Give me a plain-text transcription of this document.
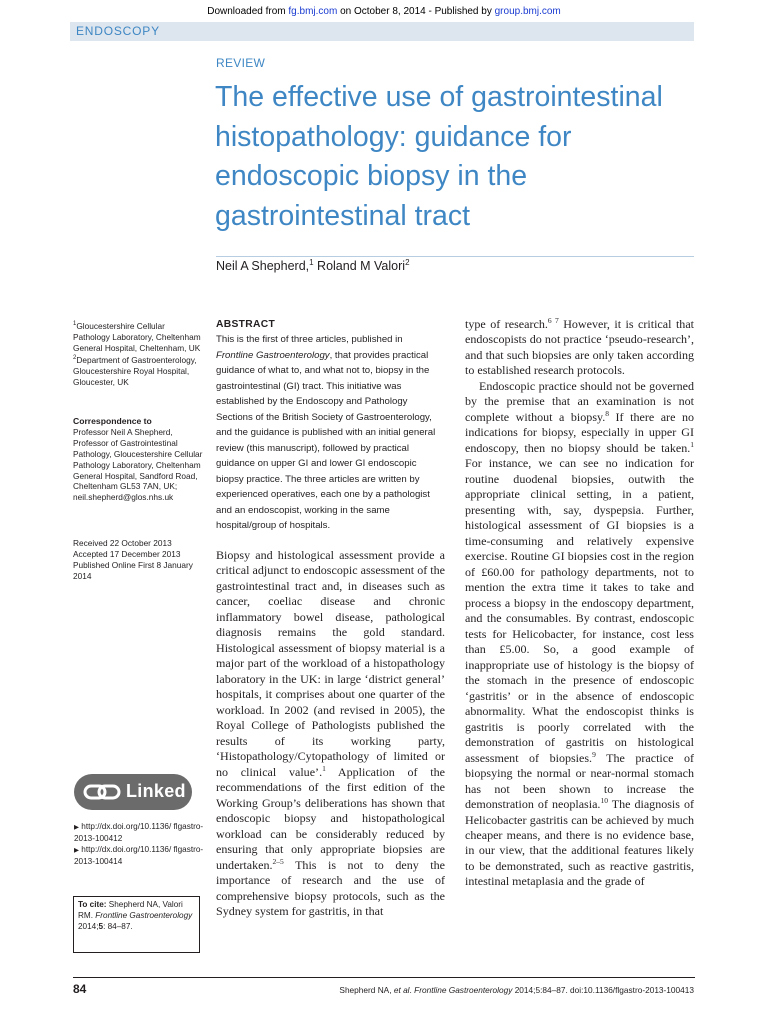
Downloaded from fg.bmj.com on October 8, 2014 - Published by group.bmj.com
ENDOSCOPY
REVIEW
The effective use of gastrointestinal histopathology: guidance for endoscopic biopsy in the gastrointestinal tract
Neil A Shepherd,$^1$ Roland M Valori$^2$
$^1$Gloucestershire Cellular Pathology Laboratory, Cheltenham General Hospital, Cheltenham, UK
$^2$Department of Gastroenterology, Gloucestershire Royal Hospital, Gloucester, UK
Correspondence to
Professor Neil A Shepherd, Professor of Gastrointestinal Pathology, Gloucestershire Cellular Pathology Laboratory, Cheltenham General Hospital, Sandford Road, Cheltenham GL53 7AN, UK; neil.shepherd@glos.nhs.uk
Received 22 October 2013
Accepted 17 December 2013
Published Online First 8 January 2014
Linked
▶ http://dx.doi.org/10.1136/ flgastro-2013-100412
▶ http://dx.doi.org/10.1136/ flgastro-2013-100414
To cite: Shepherd NA, Valori RM. Frontline Gastroenterology 2014;5: 84–87.
ABSTRACT
This is the first of three articles, published in Frontline Gastroenterology, that provides practical guidance of what to, and what not to, biopsy in the gastrointestinal (GI) tract. This initiative was established by the Endoscopy and Pathology Sections of the British Society of Gastroenterology, and the guidance is published with an initial general review (this manuscript), followed by practical guidance on upper GI and lower GI endoscopic biopsy practice. The three articles are written by experienced operatives, each one by a pathologist and an endoscopist, working in the same hospital/group of hospitals.

Biopsy and histological assessment provide a critical adjunct to endoscopic assessment of the gastrointestinal tract and, in diseases such as cancer, coeliac disease and chronic inflammatory bowel disease, pathological diagnosis remains the gold standard. Histological assessment of biopsy material is a major part of the workload of a histopathology laboratory in the UK: in large ‘district general’ hospitals, it comprises about one quarter of the workload. In 2002 (and revised in 2005), the Royal College of Pathologists published the results of its working party, ‘Histopathology/Cytopathology of limited or no clinical value’.$^1$ Application of the recommendations of the first edition of the Working Group’s deliberations has shown that endoscopic biopsy and histopathological workload can be considerably reduced by ensuring that only appropriate biopsies are undertaken.$^{2-5}$ This is not to deny the importance of research and the use of comprehensive biopsy protocols, such as the Sydney system for gastritis, in that

type of research.$^{6 7}$ However, it is critical that endoscopists do not practice ‘pseudo-research’, and that such biopsies are only taken according to established research protocols.

Endoscopic practice should not be governed by the premise that an examination is not complete without a biopsy.$^8$ If there are no indications for biopsy, especially in upper GI endoscopy, then no biopsy should be taken.$^1$ For instance, we can see no indication for routine duodenal biopsies, outwith the appropriate clinical setting, in a patient, presenting with, say, dyspepsia. Further, histological assessment of GI biopsies is a time-consuming and relatively expensive exercise. Routine GI biopsies cost in the region of £60.00 for pathology departments, not to mention the extra time it takes to take and process a biopsy in the endoscopy department, and the consumables. By contrast, endoscopic tests for Helicobacter, for instance, cost less than £5.00. So, a good example of inappropriate use of histology is the biopsy of the stomach in the presence of endoscopic ‘gastritis’ or in the absence of endoscopic abnormality. What the endoscopist thinks is gastritis is poorly correlated with the demonstration of gastritis on histological assessment of biopsies.$^9$ The practice of biopsying the normal or near-normal stomach has not been shown to increase the demonstration of neoplasia.$^{10}$ The diagnosis of Helicobacter gastritis can be achieved by much cheaper means, and there is no evidence base, in our view, that the additional features likely to be demonstrated, such as reactive gastritis, intestinal metaplasia and the grade of

84	Shepherd NA, et al. Frontline Gastroenterology 2014;5:84–87. doi:10.1136/flgastro-2013-100413
